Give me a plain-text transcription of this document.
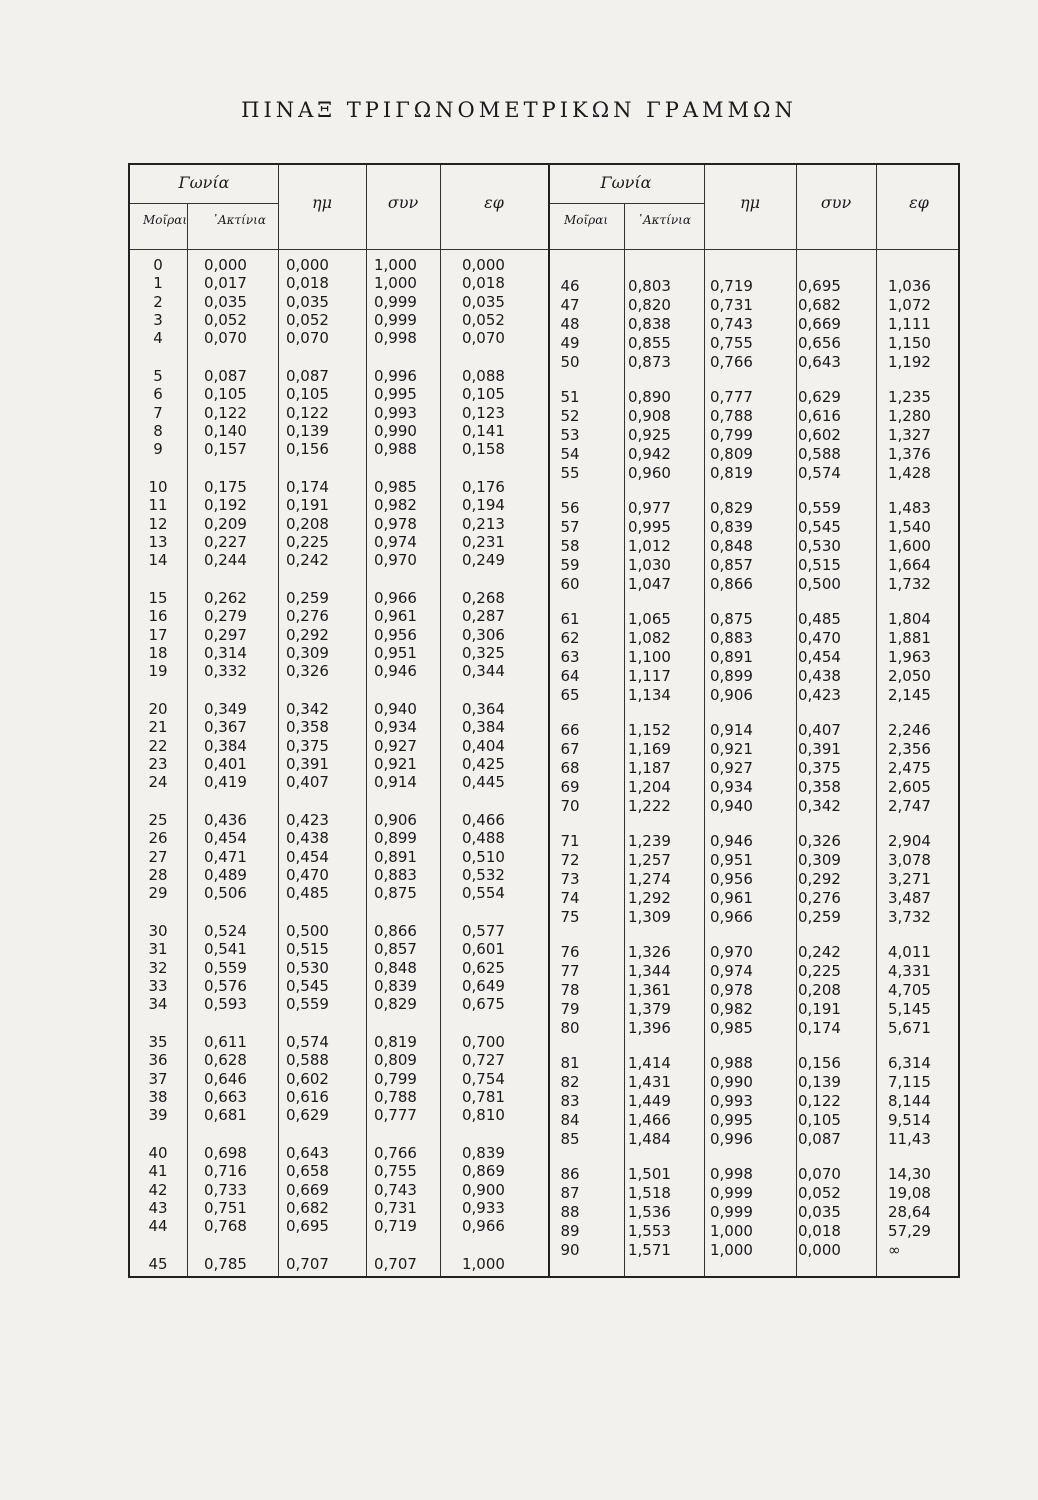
ΠΙΝΑΞ ΤΡΙΓΩΝΟΜΕΤΡΙΚΩΝ ΓΡΑΜΜΩΝ
Γωνία
Μοῖραι	᾽Ακτίνια
ημ	συν	εφ
Γωνία
Μοῖραι	᾽Ακτίνια
ημ	συν	εφ
0	0,000	0,000	1,000	0,000
1	0,017	0,018	1,000	0,018
2	0,035	0,035	0,999	0,035
3	0,052	0,052	0,999	0,052
4	0,070	0,070	0,998	0,070
5	0,087	0,087	0,996	0,088
6	0,105	0,105	0,995	0,105
7	0,122	0,122	0,993	0,123
8	0,140	0,139	0,990	0,141
9	0,157	0,156	0,988	0,158
10	0,175	0,174	0,985	0,176
11	0,192	0,191	0,982	0,194
12	0,209	0,208	0,978	0,213
13	0,227	0,225	0,974	0,231
14	0,244	0,242	0,970	0,249
15	0,262	0,259	0,966	0,268
16	0,279	0,276	0,961	0,287
17	0,297	0,292	0,956	0,306
18	0,314	0,309	0,951	0,325
19	0,332	0,326	0,946	0,344
20	0,349	0,342	0,940	0,364
21	0,367	0,358	0,934	0,384
22	0,384	0,375	0,927	0,404
23	0,401	0,391	0,921	0,425
24	0,419	0,407	0,914	0,445
25	0,436	0,423	0,906	0,466
26	0,454	0,438	0,899	0,488
27	0,471	0,454	0,891	0,510
28	0,489	0,470	0,883	0,532
29	0,506	0,485	0,875	0,554
30	0,524	0,500	0,866	0,577
31	0,541	0,515	0,857	0,601
32	0,559	0,530	0,848	0,625
33	0,576	0,545	0,839	0,649
34	0,593	0,559	0,829	0,675
35	0,611	0,574	0,819	0,700
36	0,628	0,588	0,809	0,727
37	0,646	0,602	0,799	0,754
38	0,663	0,616	0,788	0,781
39	0,681	0,629	0,777	0,810
40	0,698	0,643	0,766	0,839
41	0,716	0,658	0,755	0,869
42	0,733	0,669	0,743	0,900
43	0,751	0,682	0,731	0,933
44	0,768	0,695	0,719	0,966
45	0,785	0,707	0,707	1,000
46	0,803	0,719	0,695	1,036
47	0,820	0,731	0,682	1,072
48	0,838	0,743	0,669	1,111
49	0,855	0,755	0,656	1,150
50	0,873	0,766	0,643	1,192
51	0,890	0,777	0,629	1,235
52	0,908	0,788	0,616	1,280
53	0,925	0,799	0,602	1,327
54	0,942	0,809	0,588	1,376
55	0,960	0,819	0,574	1,428
56	0,977	0,829	0,559	1,483
57	0,995	0,839	0,545	1,540
58	1,012	0,848	0,530	1,600
59	1,030	0,857	0,515	1,664
60	1,047	0,866	0,500	1,732
61	1,065	0,875	0,485	1,804
62	1,082	0,883	0,470	1,881
63	1,100	0,891	0,454	1,963
64	1,117	0,899	0,438	2,050
65	1,134	0,906	0,423	2,145
66	1,152	0,914	0,407	2,246
67	1,169	0,921	0,391	2,356
68	1,187	0,927	0,375	2,475
69	1,204	0,934	0,358	2,605
70	1,222	0,940	0,342	2,747
71	1,239	0,946	0,326	2,904
72	1,257	0,951	0,309	3,078
73	1,274	0,956	0,292	3,271
74	1,292	0,961	0,276	3,487
75	1,309	0,966	0,259	3,732
76	1,326	0,970	0,242	4,011
77	1,344	0,974	0,225	4,331
78	1,361	0,978	0,208	4,705
79	1,379	0,982	0,191	5,145
80	1,396	0,985	0,174	5,671
81	1,414	0,988	0,156	6,314
82	1,431	0,990	0,139	7,115
83	1,449	0,993	0,122	8,144
84	1,466	0,995	0,105	9,514
85	1,484	0,996	0,087	11,43
86	1,501	0,998	0,070	14,30
87	1,518	0,999	0,052	19,08
88	1,536	0,999	0,035	28,64
89	1,553	1,000	0,018	57,29
90	1,571	1,000	0,000	∞
